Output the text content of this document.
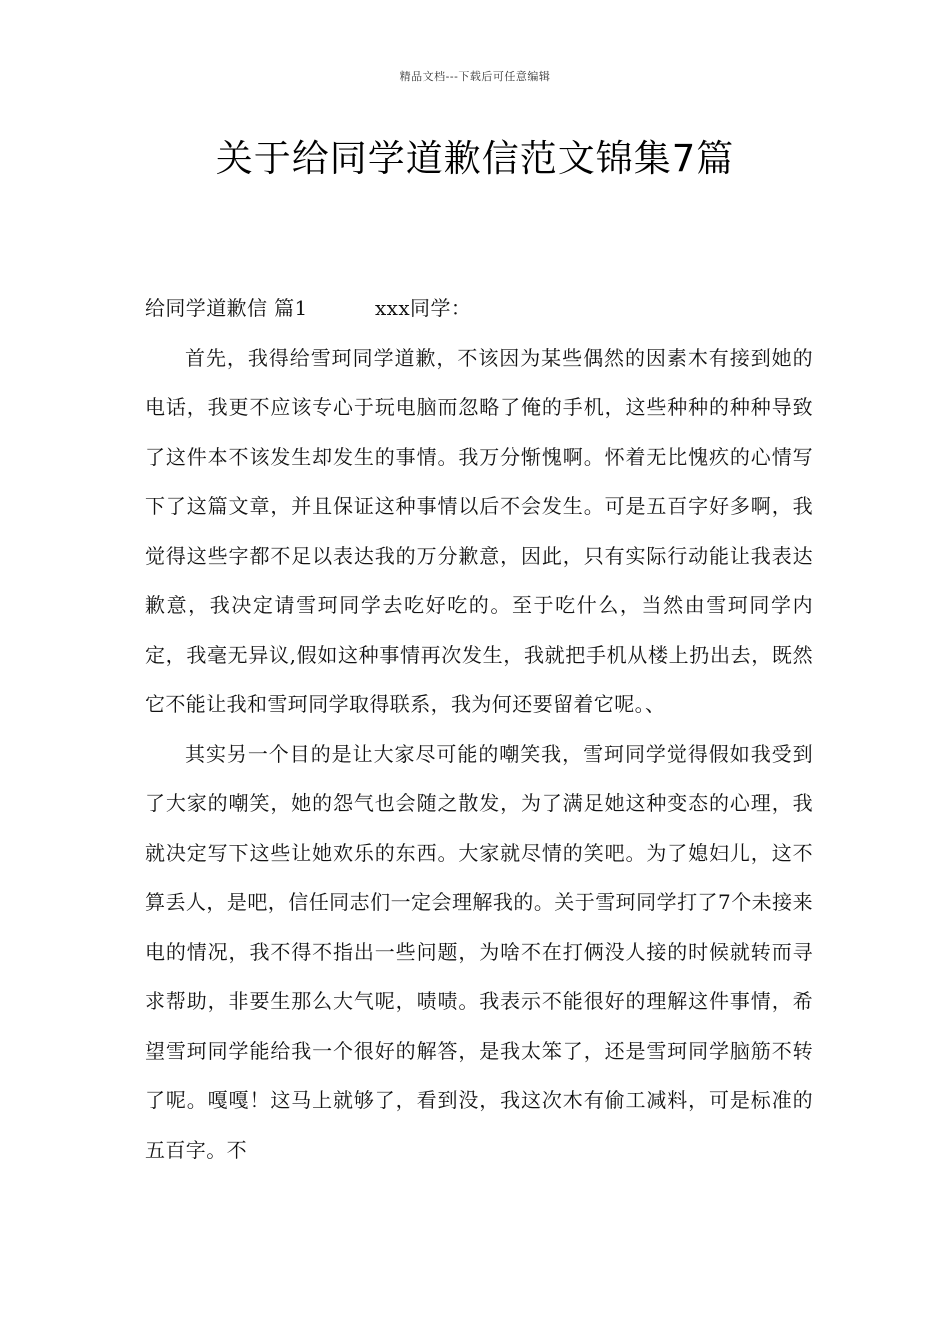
精品文档---下载后可任意编辑
关于给同学道歉信范文锦集7篇
给同学道歉信 篇1	xxx同学：

首先，我得给雪珂同学道歉，不该因为某些偶然的因素木有接到她的电话，我更不应该专心于玩电脑而忽略了俺的手机，这些种种的种种导致了这件本不该发生却发生的事情。我万分惭愧啊。怀着无比愧疚的心情写下了这篇文章，并且保证这种事情以后不会发生。可是五百字好多啊，我觉得这些字都不足以表达我的万分歉意，因此，只有实际行动能让我表达歉意，我决定请雪珂同学去吃好吃的。至于吃什么，当然由雪珂同学内定，我毫无异议,假如这种事情再次发生，我就把手机从楼上扔出去，既然它不能让我和雪珂同学取得联系，我为何还要留着它呢。、

其实另一个目的是让大家尽可能的嘲笑我，雪珂同学觉得假如我受到了大家的嘲笑，她的怨气也会随之散发，为了满足她这种变态的心理，我就决定写下这些让她欢乐的东西。大家就尽情的笑吧。为了媳妇儿，这不算丢人，是吧，信任同志们一定会理解我的。关于雪珂同学打了7个未接来电的情况，我不得不指出一些问题，为啥不在打俩没人接的时候就转而寻求帮助，非要生那么大气呢，啧啧。我表示不能很好的理解这件事情，希望雪珂同学能给我一个很好的解答，是我太笨了，还是雪珂同学脑筋不转了呢。嘎嘎！这马上就够了，看到没，我这次木有偷工减料，可是标准的五百字。不
